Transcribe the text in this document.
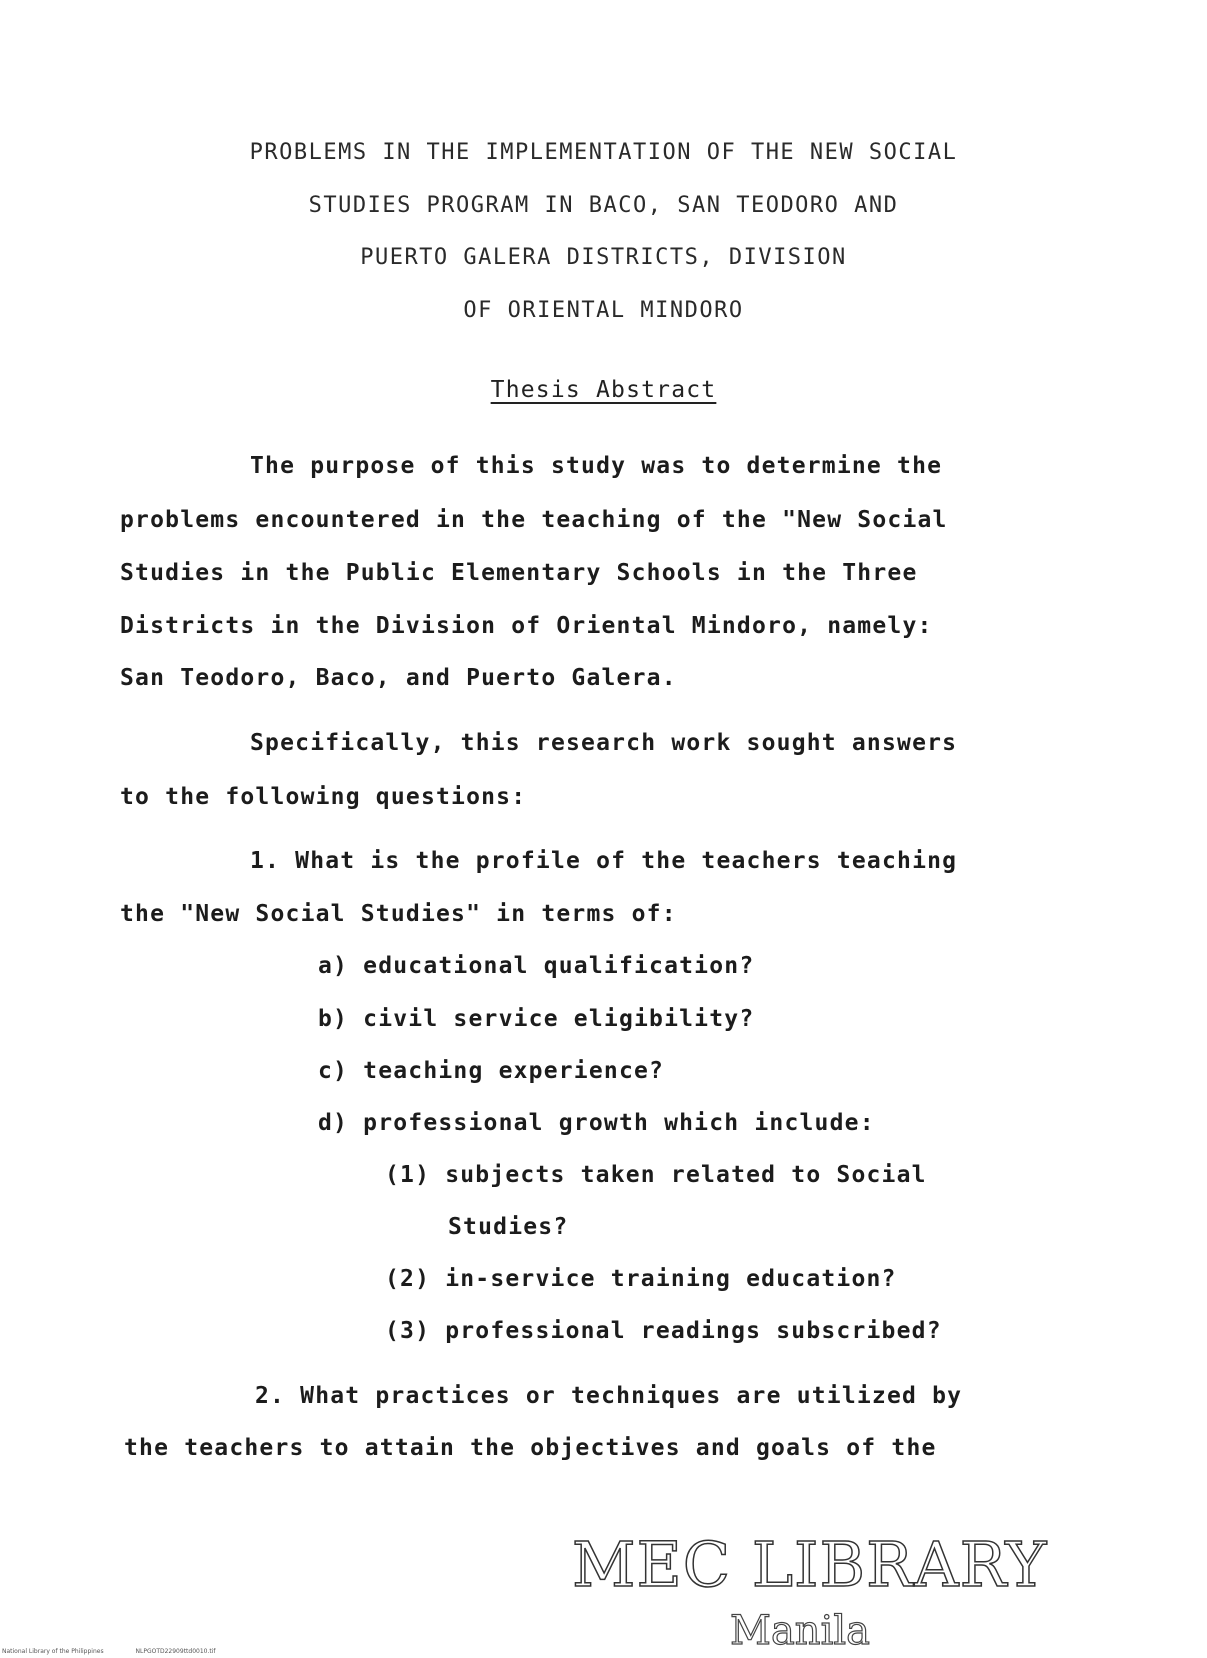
PROBLEMS IN THE IMPLEMENTATION OF THE NEW SOCIAL
STUDIES PROGRAM IN BACO, SAN TEODORO AND
PUERTO GALERA DISTRICTS, DIVISION
OF ORIENTAL MINDORO
Thesis Abstract
The purpose of this study was to determine the
problems encountered in the teaching of the "New Social
Studies in the Public Elementary Schools in the Three
Districts in the Division of Oriental Mindoro, namely:
San Teodoro, Baco, and Puerto Galera.
Specifically, this research work sought answers
to the following questions:
1. What is the profile of the teachers teaching
the "New Social Studies" in terms of:
a) educational qualification?
b) civil service eligibility?
c) teaching experience?
d) professional growth which include:
(1) subjects taken related to Social
Studies?
(2) in-service training education?
(3) professional readings subscribed?
2. What practices or techniques are utilized by
the teachers to attain the objectives and goals of the
MEC LIBRARY
Manila
National Library of the Philippines	NLPGOTD22909ttd0010.tif
